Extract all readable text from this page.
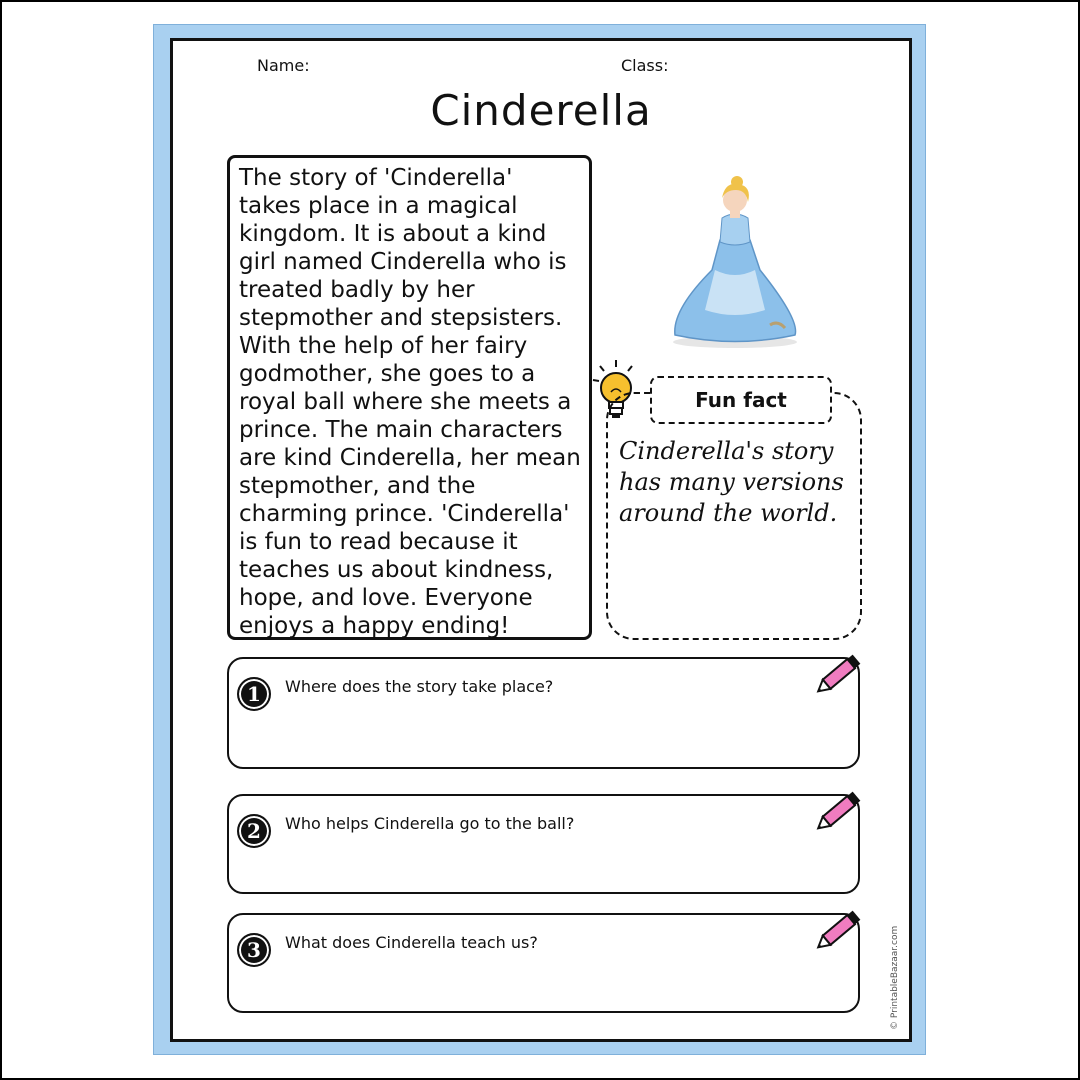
Name:	Class:
Cinderella
The story of 'Cinderella' takes place in a magical kingdom. It is about a kind girl named Cinderella who is treated badly by her stepmother and stepsisters. With the help of her fairy godmother, she goes to a royal ball where she meets a prince. The main characters are kind Cinderella, her mean stepmother, and the charming prince. 'Cinderella' is fun to read because it teaches us about kindness, hope, and love. Everyone enjoys a happy ending!
Fun fact
Cinderella's story has many versions around the world.
1	Where does the story take place?
2	Who helps Cinderella go to the ball?
3	What does Cinderella teach us?	© PrintableBazaar.com
